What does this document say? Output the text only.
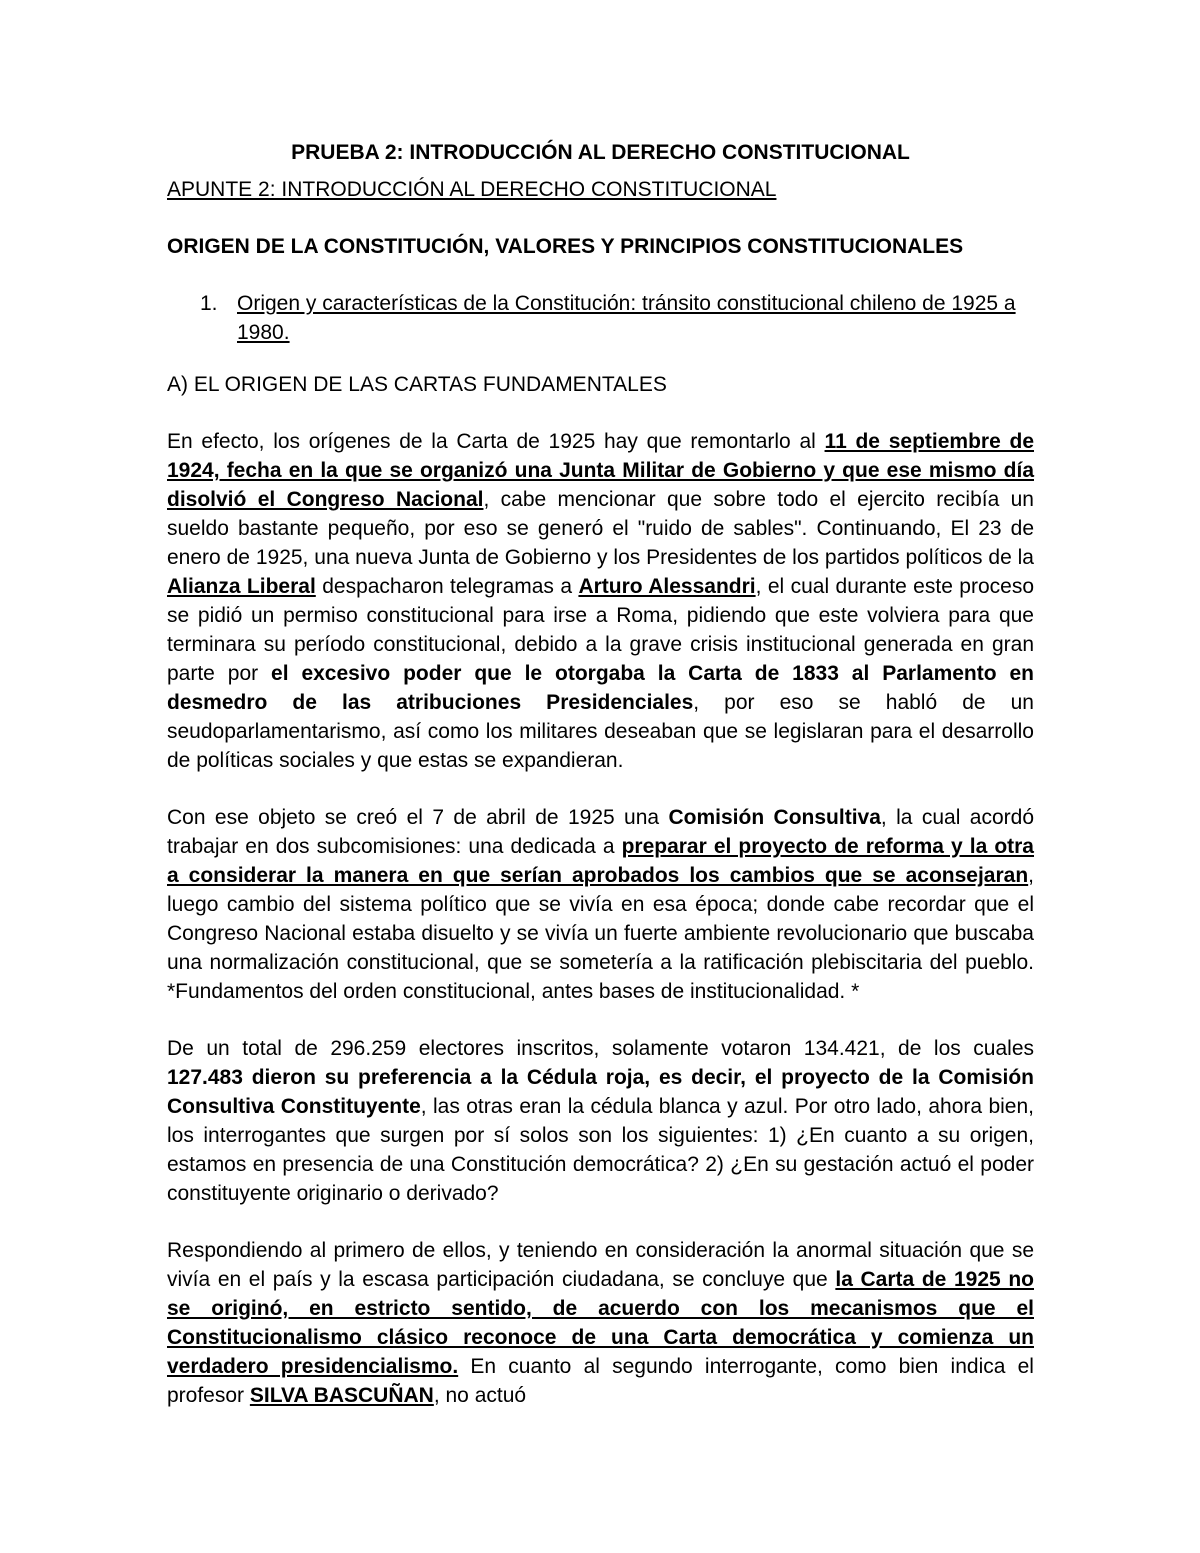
PRUEBA 2: INTRODUCCIÓN AL DERECHO CONSTITUCIONAL
APUNTE 2: INTRODUCCIÓN AL DERECHO CONSTITUCIONAL
ORIGEN DE LA CONSTITUCIÓN, VALORES Y PRINCIPIOS CONSTITUCIONALES
1. Origen y características de la Constitución: tránsito constitucional chileno de 1925 a 1980.
A) EL ORIGEN DE LAS CARTAS FUNDAMENTALES

En efecto, los orígenes de la Carta de 1925 hay que remontarlo al 11 de septiembre de 1924, fecha en la que se organizó una Junta Militar de Gobierno y que ese mismo día disolvió el Congreso Nacional, cabe mencionar que sobre todo el ejercito recibía un sueldo bastante pequeño, por eso se generó el "ruido de sables". Continuando, El 23 de enero de 1925, una nueva Junta de Gobierno y los Presidentes de los partidos políticos de la Alianza Liberal despacharon telegramas a Arturo Alessandri, el cual durante este proceso se pidió un permiso constitucional para irse a Roma, pidiendo que este volviera para que terminara su período constitucional, debido a la grave crisis institucional generada en gran parte por el excesivo poder que le otorgaba la Carta de 1833 al Parlamento en desmedro de las atribuciones Presidenciales, por eso se habló de un seudoparlamentarismo, así como los militares deseaban que se legislaran para el desarrollo de políticas sociales y que estas se expandieran.

Con ese objeto se creó el 7 de abril de 1925 una Comisión Consultiva, la cual acordó trabajar en dos subcomisiones: una dedicada a preparar el proyecto de reforma y la otra a considerar la manera en que serían aprobados los cambios que se aconsejaran, luego cambio del sistema político que se vivía en esa época; donde cabe recordar que el Congreso Nacional estaba disuelto y se vivía un fuerte ambiente revolucionario que buscaba una normalización constitucional, que se sometería a la ratificación plebiscitaria del pueblo. *Fundamentos del orden constitucional, antes bases de institucionalidad. *

De un total de 296.259 electores inscritos, solamente votaron 134.421, de los cuales 127.483 dieron su preferencia a la Cédula roja, es decir, el proyecto de la Comisión Consultiva Constituyente, las otras eran la cédula blanca y azul. Por otro lado, ahora bien, los interrogantes que surgen por sí solos son los siguientes: 1) ¿En cuanto a su origen, estamos en presencia de una Constitución democrática? 2) ¿En su gestación actuó el poder constituyente originario o derivado?

Respondiendo al primero de ellos, y teniendo en consideración la anormal situación que se vivía en el país y la escasa participación ciudadana, se concluye que la Carta de 1925 no se originó, en estricto sentido, de acuerdo con los mecanismos que el Constitucionalismo clásico reconoce de una Carta democrática y comienza un verdadero presidencialismo. En cuanto al segundo interrogante, como bien indica el profesor SILVA BASCUÑAN, no actuó
